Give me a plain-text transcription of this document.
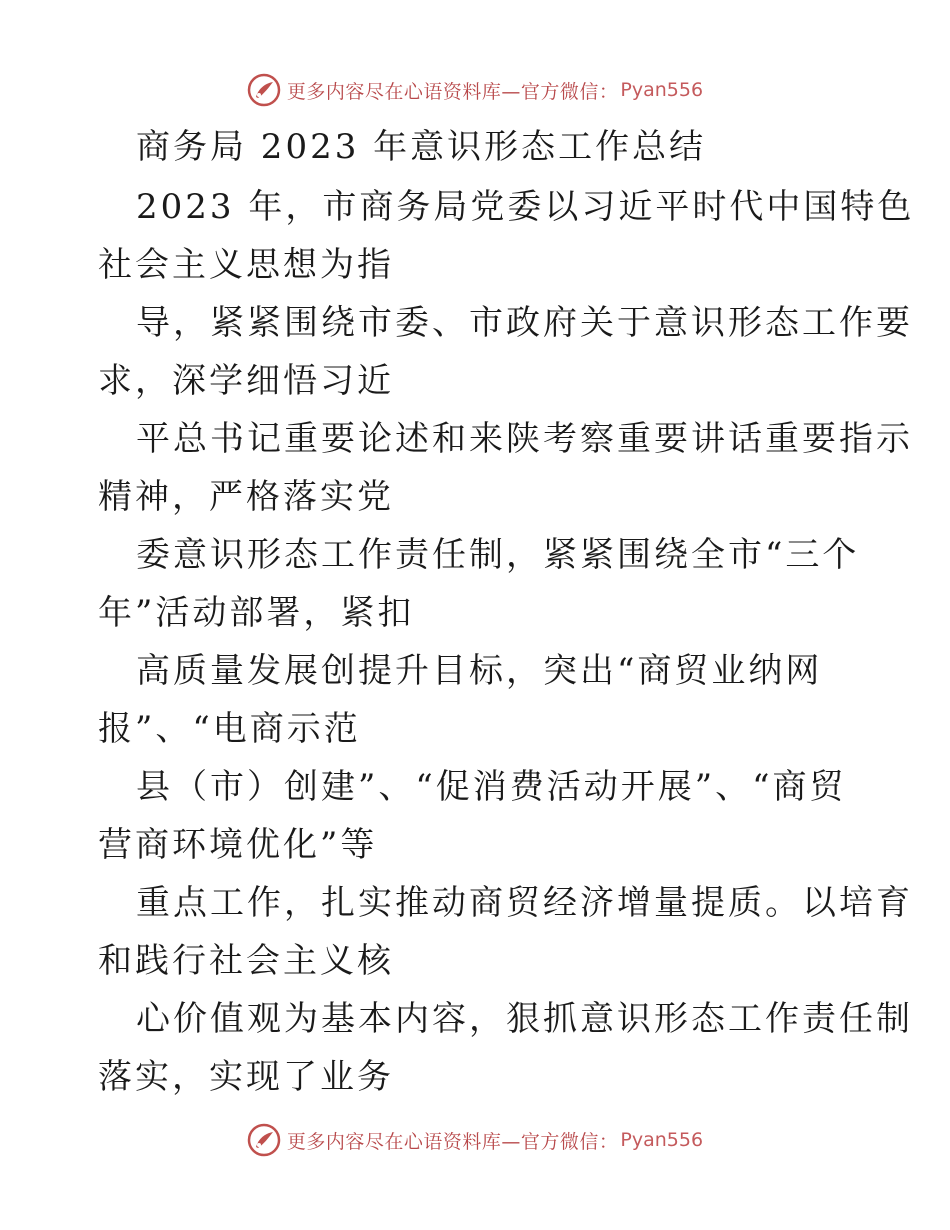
更多内容尽在心语资料库—官方微信： Pyan556
商务局 2023 年意识形态工作总结
2023 年，市商务局党委以习近平时代中国特色
社会主义思想为指
导，紧紧围绕市委、市政府关于意识形态工作要
求，深学细悟习近
平总书记重要论述和来陕考察重要讲话重要指示
精神，严格落实党
委意识形态工作责任制，紧紧围绕全市“三个
年”活动部署，紧扣
高质量发展创提升目标，突出“商贸业纳网
报”、“电商示范
县（市）创建”、“促消费活动开展”、“商贸
营商环境优化”等
重点工作，扎实推动商贸经济增量提质。以培育
和践行社会主义核
心价值观为基本内容，狠抓意识形态工作责任制
落实，实现了业务
更多内容尽在心语资料库—官方微信： Pyan556
